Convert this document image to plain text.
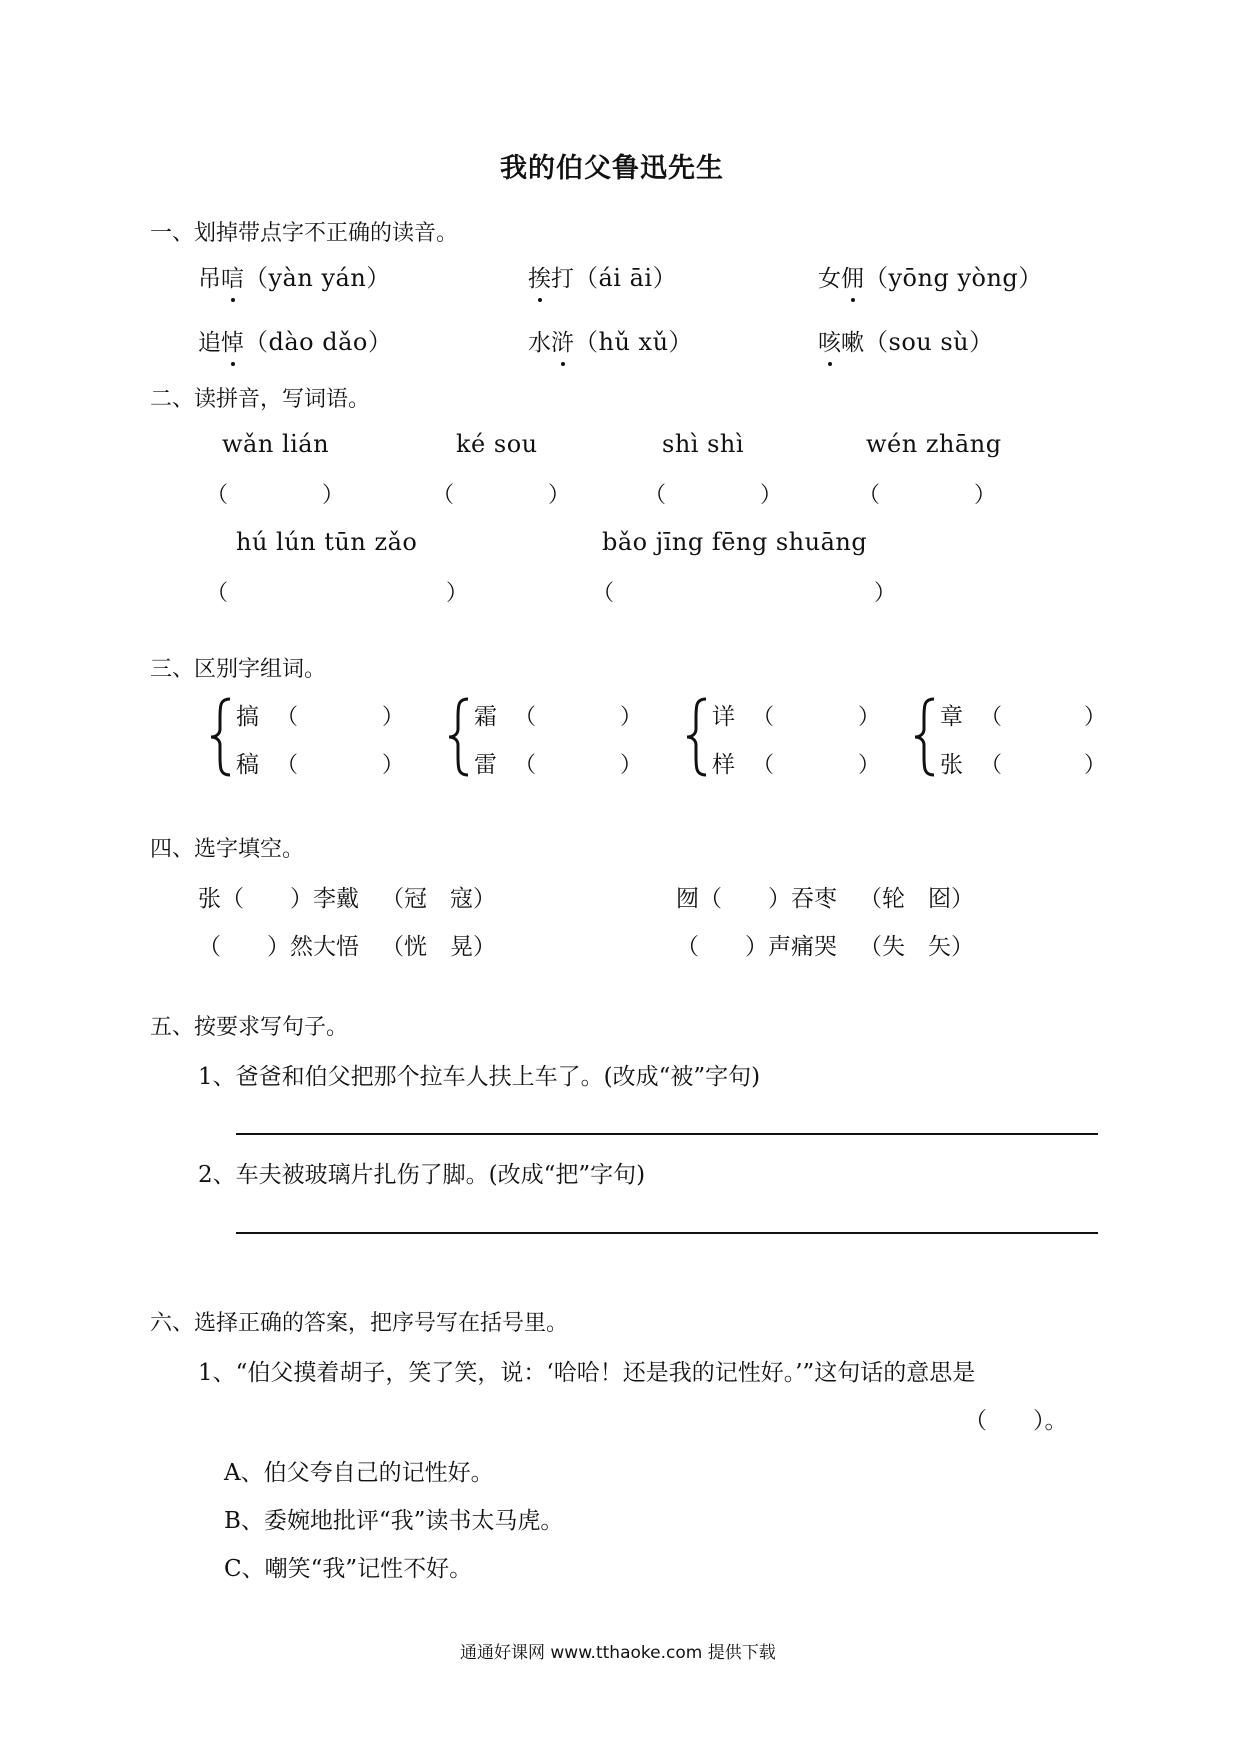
我的伯父鲁迅先生
一、划掉带点字不正确的读音。
吊唁（yàn yán）	挨打（ái āi）	女佣（yōng yòng）
追悼（dào dǎo）	水浒（hǔ xǔ）	咳嗽（sou sù）
二、读拼音，写词语。
wǎn lián	ké sou	shì shì	wén zhāng
（	）	（	）	（	）	（	）
hú lún tūn zǎo	bǎo jīng fēng shuāng
（	）	（	）
三、区别字组词。
搞 （	）
稿 （	）
霜 （	）
雷 （	）
详 （	）
样 （	）
章 （	）
张 （	）
四、选字填空。
张（　　）李戴 （冠　寇）	囫（　　）吞枣 （轮　囵）
（　　）然大悟 （恍　晃）	（　　）声痛哭 （失　矢）
五、按要求写句子。
1、爸爸和伯父把那个拉车人扶上车了。(改成“被”字句)
2、车夫被玻璃片扎伤了脚。(改成“把”字句)
六、选择正确的答案，把序号写在括号里。
1、“伯父摸着胡子，笑了笑，说：‘哈哈！还是我的记性好。’”这句话的意思是
（　　）。
A、伯父夸自己的记性好。
B、委婉地批评“我”读书太马虎。
C、嘲笑“我”记性不好。
通通好课网 www.tthaoke.com 提供下载
